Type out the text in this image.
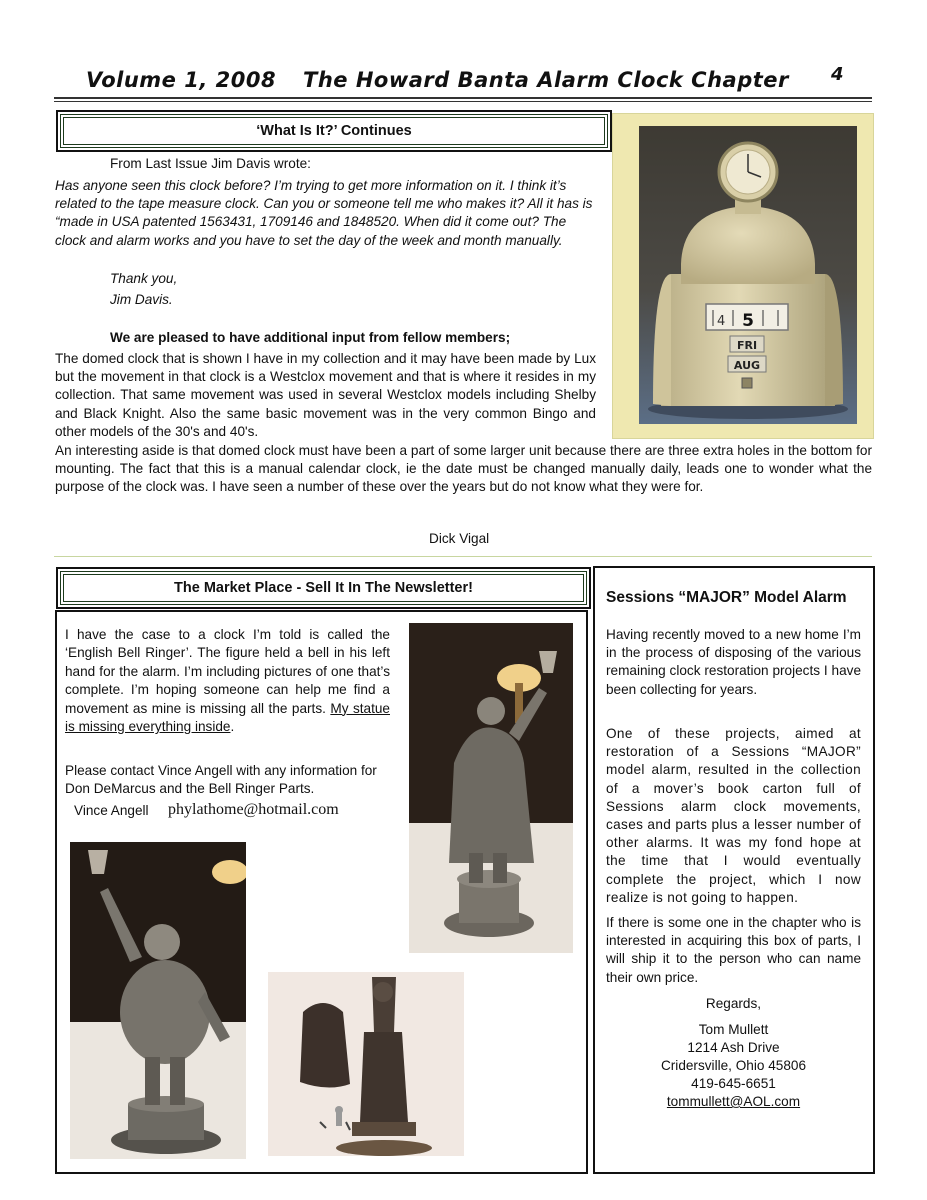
Volume 1, 2008 The Howard Banta Alarm Clock Chapter 4
‘What Is It?’ Continues

From Last Issue Jim Davis wrote:

Has anyone seen this clock before? I’m trying to get more information on it. I think it’s related to the tape measure clock. Can you or someone tell me who makes it? All it has is “made in USA patented 1563431, 1709146 and 1848520. When did it come out? The clock and alarm works and you have to set the day of the week and month manually.

Thank you,

Jim Davis.

We are pleased to have additional input from fellow members;

The domed clock that is shown I have in my collection and it may have been made by Lux but the movement in that clock is a Westclox movement and that is where it resides in my collection. That same movement was used in several Westclox models including Shelby and Black Knight. Also the same basic movement was in the very common Bingo and other models of the 30's and 40's.

An interesting aside is that domed clock must have been a part of some larger unit because there are three extra holes in the bottom for mounting. The fact that this is a manual calendar clock, ie the date must be changed manually daily, leads one to wonder what the purpose of the clock was. I have seen a number of these over the years but do not know what they were for.

Dick Vigal

4 5
FRI
AUG
The Market Place - Sell It In The Newsletter!

I have the case to a clock I’m told is called the ‘English Bell Ringer’. The figure held a bell in his left hand for the alarm. I’m including pictures of one that’s complete. I’m hoping someone can help me find a movement as mine is missing all the parts. My statue is missing everything inside.

Please contact Vince Angell with any information for Don DeMarcus and the Bell Ringer Parts.

Vince Angell phylathome@hotmail.com
Sessions “MAJOR” Model Alarm

Having recently moved to a new home I’m in the process of disposing of the various remaining clock restoration projects I have been collecting for years.

One of these projects, aimed at restoration of a Sessions “MAJOR” model alarm, resulted in the collection of a mover’s book carton full of Sessions alarm clock movements, cases and parts plus a lesser number of other alarms. It was my fond hope at the time that I would eventually complete the project, which I now realize is not going to happen.

If there is some one in the chapter who is interested in acquiring this box of parts, I will ship it to the person who can name their own price.

Regards,
Tom Mullett
1214 Ash Drive
Cridersville, Ohio 45806
419-645-6651
tommullett@AOL.com
